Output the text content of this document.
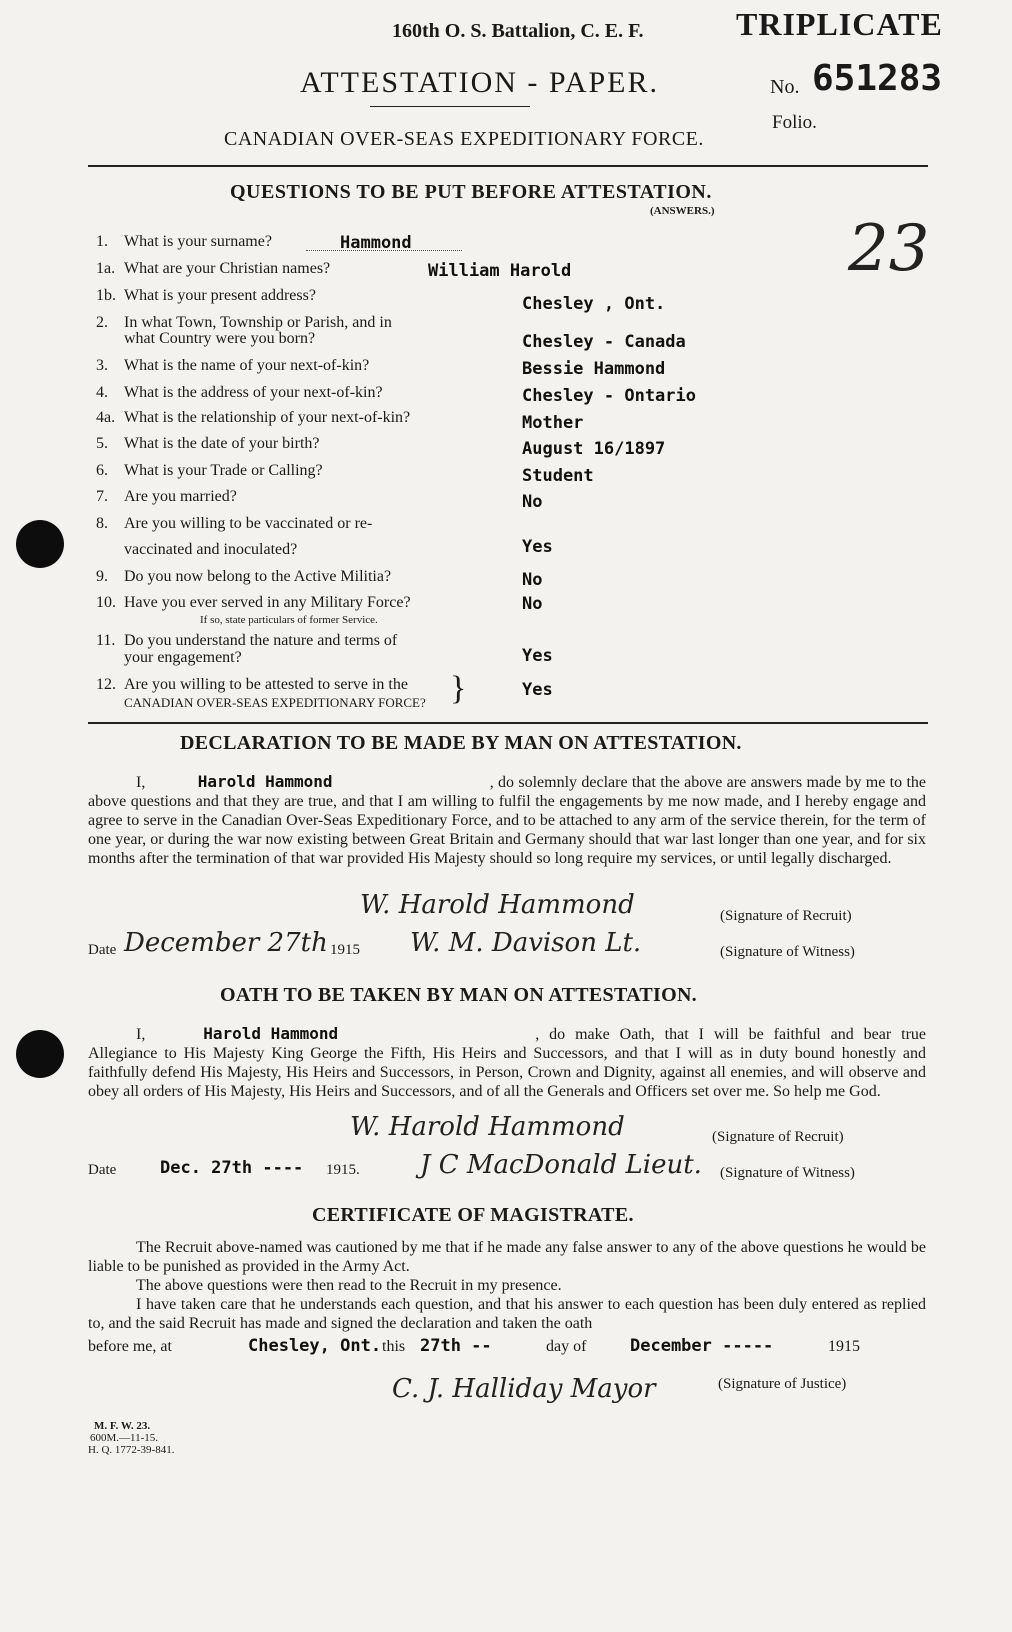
160th O. S. Battalion, C. E. F.	TRIPLICATE
ATTESTATION - PAPER.	No. 651283
Folio.
CANADIAN OVER-SEAS EXPEDITIONARY FORCE.
QUESTIONS TO BE PUT BEFORE ATTESTATION.
(ANSWERS.)
23
1. What is your surname?	Hammond
1a. What are your Christian names?	William Harold
1b. What is your present address?	Chesley , Ont.
2. In what Town, Township or Parish, and in
what Country were you born?	Chesley - Canada
3. What is the name of your next-of-kin?	Bessie Hammond
4. What is the address of your next-of-kin?	Chesley - Ontario
4a. What is the relationship of your next-of-kin?	Mother
5. What is the date of your birth?	August 16/1897
6. What is your Trade or Calling?	Student
7. Are you married?	No
8. Are you willing to be vaccinated or re-
vaccinated and inoculated?	Yes
9. Do you now belong to the Active Militia?	No
10. Have you ever served in any Military Force?
If so, state particulars of former Service.
No
11. Do you understand the nature and terms of
your engagement?	Yes
12. Are you willing to be attested to serve in the
CANADIAN OVER-SEAS EXPEDITIONARY FORCE? }	Yes
DECLARATION TO BE MADE BY MAN ON ATTESTATION.
I,	Harold Hammond	, do solemnly declare that the above are answers made by me to the above questions and that they are true, and that I am willing to fulfil the engagements by me now made, and I hereby engage and agree to serve in the Canadian Over-Seas Expeditionary Force, and to be attached to any arm of the service therein, for the term of one year, or during the war now existing between Great Britain and Germany should that war last longer than one year, and for six months after the termination of that war provided His Majesty should so long require my services, or until legally discharged.
W. Harold Hammond	(Signature of Recruit)
Date December 27th 1915 W. M. Davison Lt.	(Signature of Witness)
OATH TO BE TAKEN BY MAN ON ATTESTATION.
I,	Harold Hammond	, do make Oath, that I will be faithful and bear true Allegiance to His Majesty King George the Fifth, His Heirs and Successors, and that I will as in duty bound honestly and faithfully defend His Majesty, His Heirs and Successors, in Person, Crown and Dignity, against all enemies, and will observe and obey all orders of His Majesty, His Heirs and Successors, and of all the Generals and Officers set over me. So help me God.
W. Harold Hammond	(Signature of Recruit)
Date	Dec. 27th ---- 1915. J C MacDonald Lieut. (Signature of Witness)
CERTIFICATE OF MAGISTRATE.
The Recruit above-named was cautioned by me that if he made any false answer to any of the above questions he would be liable to be punished as provided in the Army Act.
The above questions were then read to the Recruit in my presence.
I have taken care that he understands each question, and that his answer to each question has been duly entered as replied to, and the said Recruit has made and signed the declaration and taken the oath
before me, at	Chesley, Ont. this 27th --	day of	December -----	1915
C. J. Halliday Mayor	(Signature of Justice)
M. F. W. 23.
600M.—11-15.
H. Q. 1772-39-841.
